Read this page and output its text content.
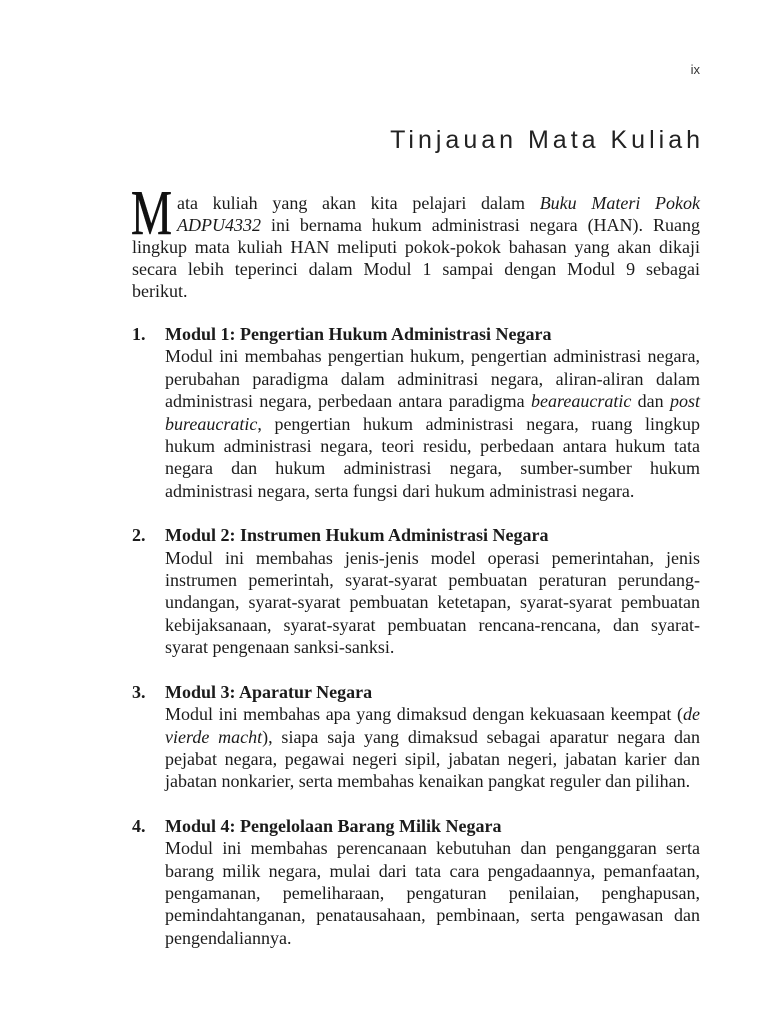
ix
Tinjauan Mata Kuliah
M ata kuliah yang akan kita pelajari dalam Buku Materi Pokok
ADPU4332 ini bernama hukum administrasi negara (HAN). Ruang
lingkup mata kuliah HAN meliputi pokok-pokok bahasan yang akan dikaji
secara lebih teperinci dalam Modul 1 sampai dengan Modul 9 sebagai
berikut.
1. Modul 1: Pengertian Hukum Administrasi Negara
Modul ini membahas pengertian hukum, pengertian administrasi negara,
perubahan paradigma dalam adminitrasi negara, aliran-aliran dalam
administrasi negara, perbedaan antara paradigma beareaucratic dan post
bureaucratic, pengertian hukum administrasi negara, ruang lingkup
hukum administrasi negara, teori residu, perbedaan antara hukum tata
negara dan hukum administrasi negara, sumber-sumber hukum
administrasi negara, serta fungsi dari hukum administrasi negara.
2. Modul 2: Instrumen Hukum Administrasi Negara
Modul ini membahas jenis-jenis model operasi pemerintahan, jenis
instrumen pemerintah, syarat-syarat pembuatan peraturan perundang-
undangan, syarat-syarat pembuatan ketetapan, syarat-syarat pembuatan
kebijaksanaan, syarat-syarat pembuatan rencana-rencana, dan syarat-
syarat pengenaan sanksi-sanksi.
3. Modul 3: Aparatur Negara
Modul ini membahas apa yang dimaksud dengan kekuasaan keempat (de
vierde macht), siapa saja yang dimaksud sebagai aparatur negara dan
pejabat negara, pegawai negeri sipil, jabatan negeri, jabatan karier dan
jabatan nonkarier, serta membahas kenaikan pangkat reguler dan pilihan.
4. Modul 4: Pengelolaan Barang Milik Negara
Modul ini membahas perencanaan kebutuhan dan penganggaran serta
barang milik negara, mulai dari tata cara pengadaannya, pemanfaatan,
pengamanan, pemeliharaan, pengaturan penilaian, penghapusan,
pemindahtanganan, penatausahaan, pembinaan, serta pengawasan dan
pengendaliannya.
